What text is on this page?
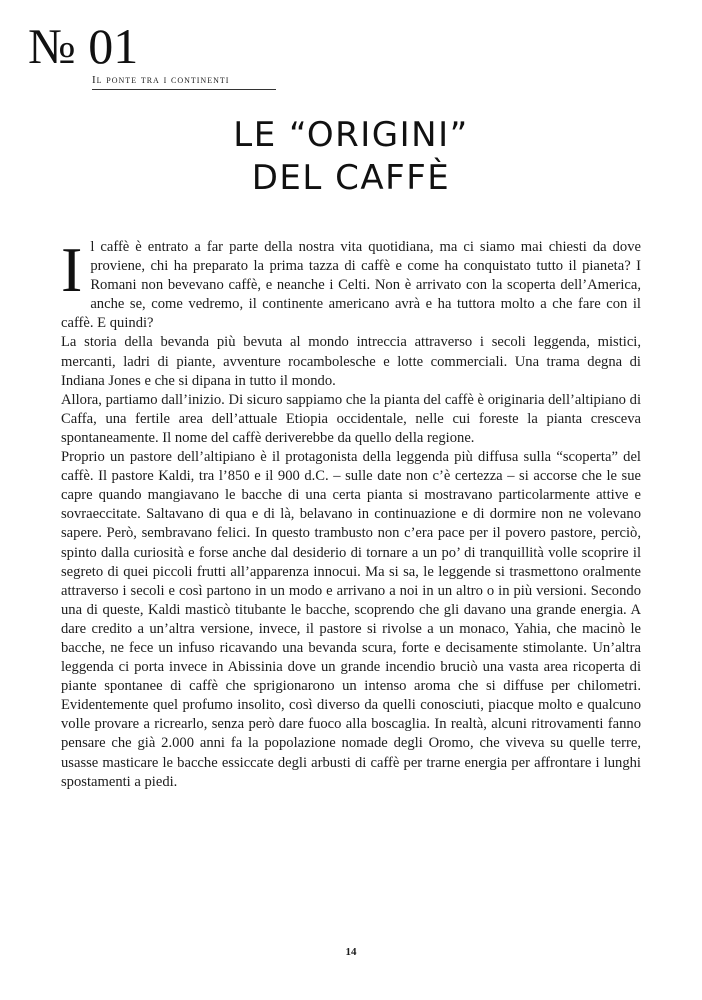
№ 01
Il ponte tra i continenti
LE “ORIGINI”
DEL CAFFÈ

Il caffè è entrato a far parte della nostra vita quotidiana, ma ci siamo mai chiesti da dove proviene, chi ha preparato la prima tazza di caffè e come ha conquistato tutto il pianeta? I Romani non bevevano caffè, e neanche i Celti. Non è arrivato con la scoperta dell’America, anche se, come vedremo, il continente americano avrà e ha tuttora molto a che fare con il caffè. E quindi?

La storia della bevanda più bevuta al mondo intreccia attraverso i secoli leggenda, mistici, mercanti, ladri di piante, avventure rocambolesche e lotte commerciali. Una trama degna di Indiana Jones e che si dipana in tutto il mondo.

Allora, partiamo dall’inizio. Di sicuro sappiamo che la pianta del caffè è originaria dell’altipiano di Caffa, una fertile area dell’attuale Etiopia occidentale, nelle cui foreste la pianta cresceva spontaneamente. Il nome del caffè deriverebbe da quello della regione.

Proprio un pastore dell’altipiano è il protagonista della leggenda più diffusa sulla “scoperta” del caffè. Il pastore Kaldi, tra l’850 e il 900 d.C. – sulle date non c’è certezza – si accorse che le sue capre quando mangiavano le bacche di una certa pianta si mostravano particolarmente attive e sovraeccitate. Saltavano di qua e di là, belavano in continuazione e di dormire non ne volevano sapere. Però, sembravano felici. In questo trambusto non c’era pace per il povero pastore, perciò, spinto dalla curiosità e forse anche dal desiderio di tornare a un po’ di tranquillità volle scoprire il segreto di quei piccoli frutti all’apparenza innocui. Ma si sa, le leggende si trasmettono oralmente attraverso i secoli e così partono in un modo e arrivano a noi in un altro o in più versioni. Secondo una di queste, Kaldi masticò titubante le bacche, scoprendo che gli davano una grande energia. A dare credito a un’altra versione, invece, il pastore si rivolse a un monaco, Yahia, che macinò le bacche, ne fece un infuso ricavando una bevanda scura, forte e decisamente stimolante. Un’altra leggenda ci porta invece in Abissinia dove un grande incendio bruciò una vasta area ricoperta di piante spontanee di caffè che sprigionarono un intenso aroma che si diffuse per chilometri. Evidentemente quel profumo insolito, così diverso da quelli conosciuti, piacque molto e qualcuno volle provare a ricrearlo, senza però dare fuoco alla boscaglia. In realtà, alcuni ritrovamenti fanno pensare che già 2.000 anni fa la popolazione nomade degli Oromo, che viveva su quelle terre, usasse masticare le bacche essiccate degli arbusti di caffè per trarne energia per affrontare i lunghi spostamenti a piedi.

14
